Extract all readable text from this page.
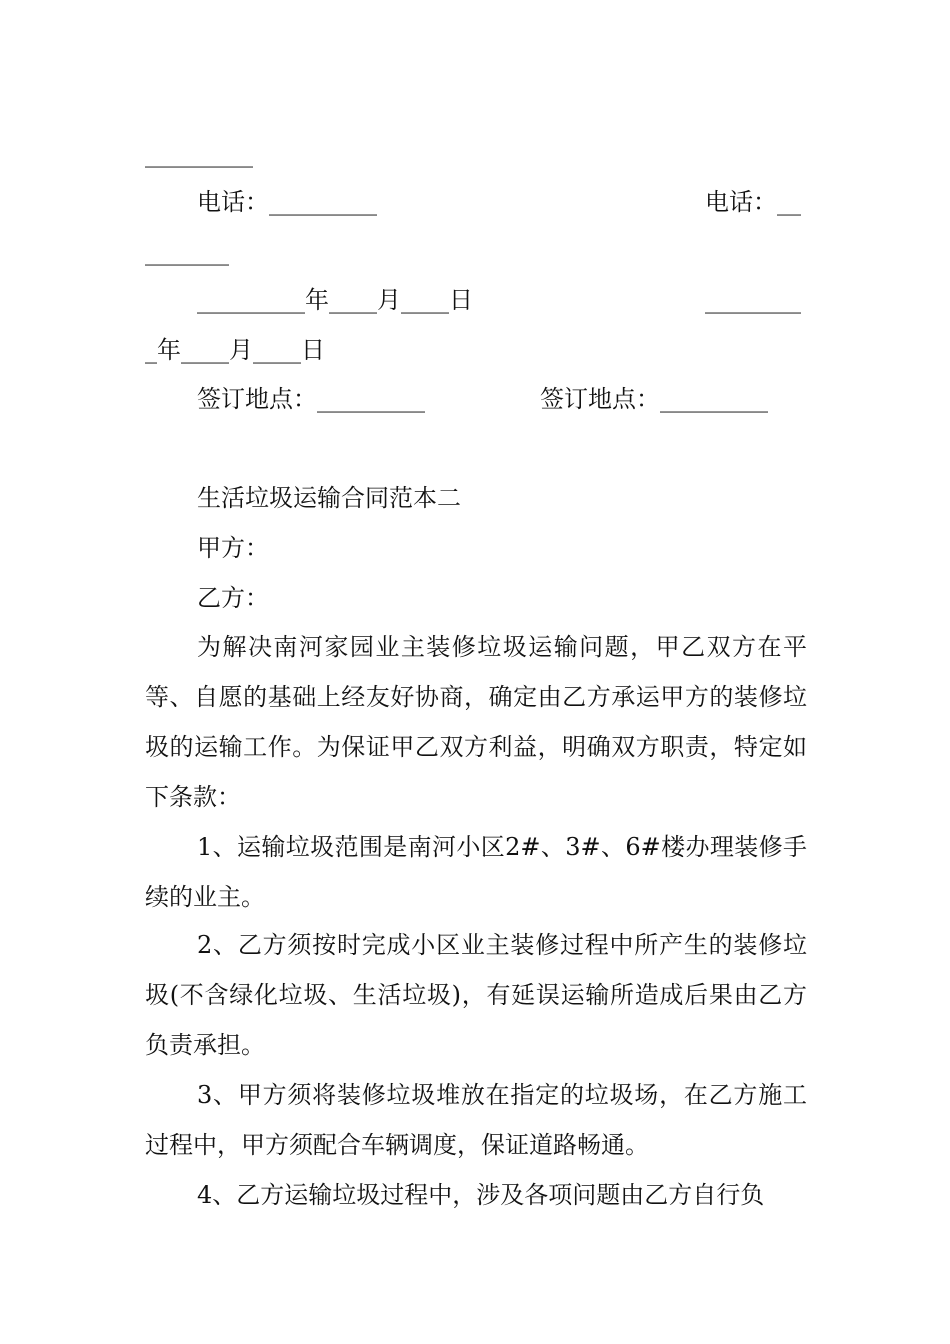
_________
电话：_________	电话：__
_______
_________年____月____日	________
_年____月____日
签订地点：_________	签订地点：_________
生活垃圾运输合同范本二
甲方：
乙方：
为解决南河家园业主装修垃圾运输问题，甲乙双方在平等、自愿的基础上经友好协商，确定由乙方承运甲方的装修垃圾的运输工作。为保证甲乙双方利益，明确双方职责，特定如下条款：
1、运输垃圾范围是南河小区2#、3#、6#楼办理装修手续的业主。
2、乙方须按时完成小区业主装修过程中所产生的装修垃圾(不含绿化垃圾、生活垃圾)，有延误运输所造成后果由乙方负责承担。
3、甲方须将装修垃圾堆放在指定的垃圾场，在乙方施工过程中，甲方须配合车辆调度，保证道路畅通。
4、乙方运输垃圾过程中，涉及各项问题由乙方自行负
